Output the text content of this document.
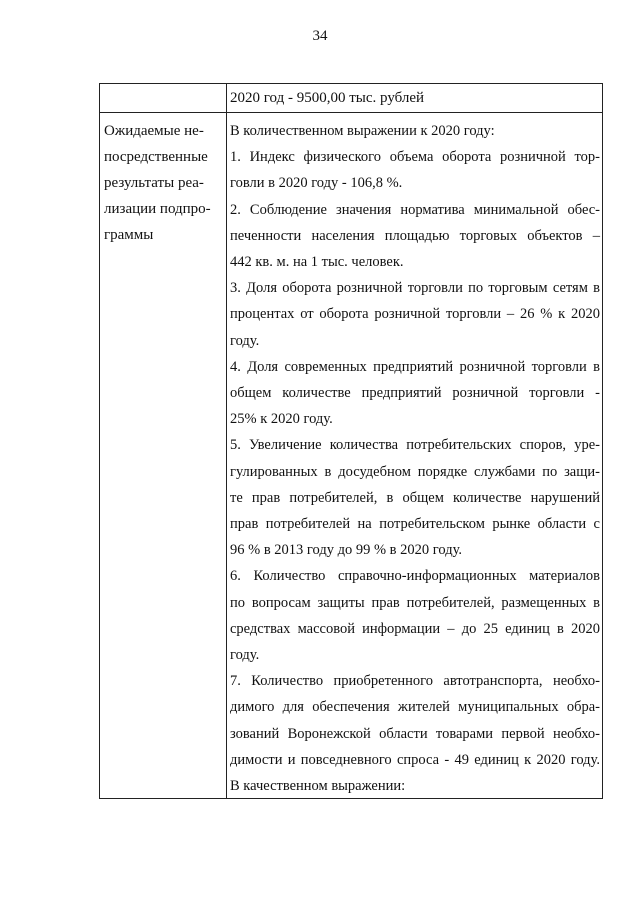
34
2020 год - 9500,00 тыс. рублей
Ожидаемые не-
посредственные
результаты реа-
лизации подпро-
граммы

В количественном выражении к 2020 году:

1. Индекс физического объема оборота розничной тор-

говли в 2020 году - 106,8 %.

2. Соблюдение значения норматива минимальной обес-

печенности населения площадью торговых объектов –

442 кв. м. на 1 тыс. человек.

3. Доля оборота розничной торговли по торговым сетям в

процентах от оборота розничной торговли – 26 % к 2020

году.

4. Доля современных предприятий розничной торговли в

общем количестве предприятий розничной торговли -

25% к 2020 году.

5. Увеличение количества потребительских споров, уре-

гулированных в досудебном порядке службами по защи-

те прав потребителей, в общем количестве нарушений

прав потребителей на потребительском рынке области с

96 % в 2013 году до 99 % в 2020 году.

6. Количество справочно-информационных материалов

по вопросам защиты прав потребителей, размещенных в

средствах массовой информации – до 25 единиц в 2020

году.

7. Количество приобретенного автотранспорта, необхо-

димого для обеспечения жителей муниципальных обра-

зований Воронежской области товарами первой необхо-

димости и повседневного спроса - 49 единиц к 2020 году.

В качественном выражении:
